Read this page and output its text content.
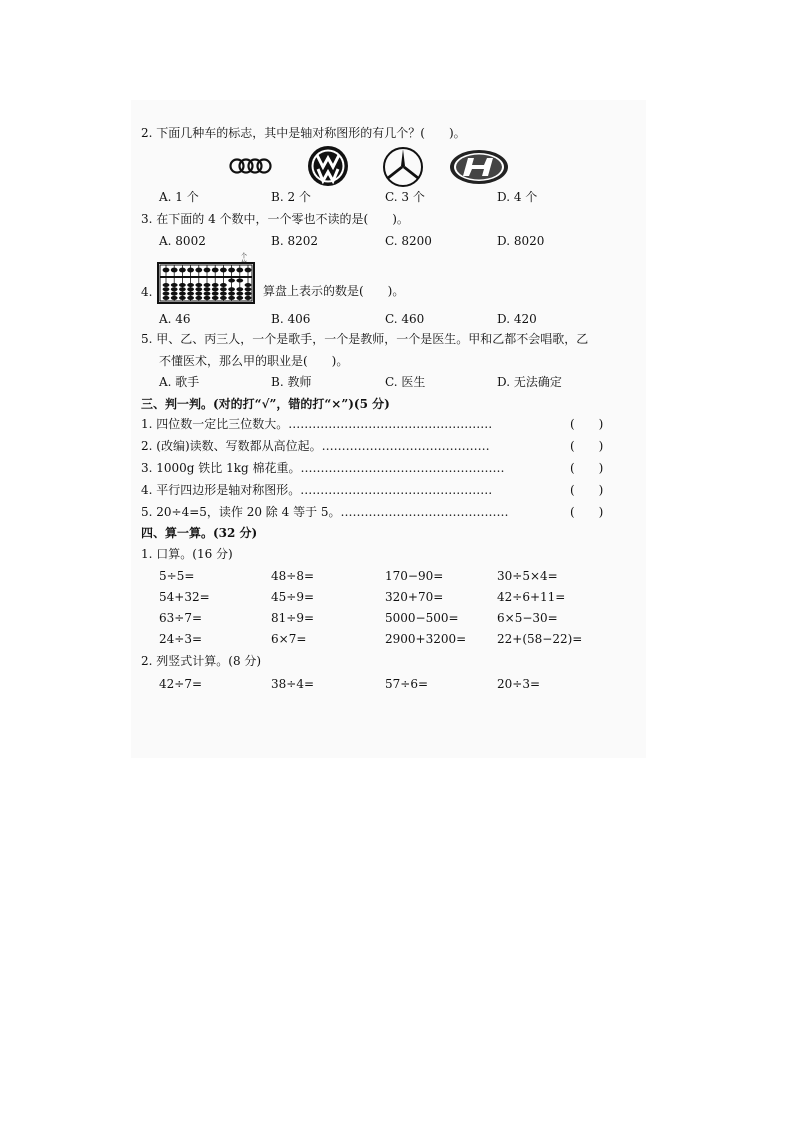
2. 下面几种车的标志，其中是轴对称图形的有几个？(　　)。
A. 1 个	B. 2 个	C. 3 个	D. 4 个
3. 在下面的 4 个数中，一个零也不读的是(　　)。
A. 8002	B. 8202	C. 8200	D. 8020
4.
个
算盘上表示的数是(　　)。
A. 46	B. 406	C. 460	D. 420
5. 甲、乙、丙三人，一个是歌手，一个是教师，一个是医生。甲和乙都不会唱歌，乙
不懂医术，那么甲的职业是(　　)。
A. 歌手	B. 教师	C. 医生	D. 无法确定
三、判一判。(对的打“√”，错的打“×”)(5 分)
1. 四位数一定比三位数大。……………………………………………	(　　)
2. (改编)读数、写数都从高位起。……………………………………	(　　)
3. 1000g 铁比 1kg 棉花重。……………………………………………	(　　)
4. 平行四边形是轴对称图形。…………………………………………	(　　)
5. 20÷4=5，读作 20 除 4 等于 5。……………………………………	(　　)
四、算一算。(32 分)
1. 口算。(16 分)
5÷5=	48÷8=	170−90=	30÷5×4=
54+32=	45÷9=	320+70=	42÷6+11=
63÷7=	81÷9=	5000−500=	6×5−30=
24÷3=	6×7=	2900+3200=	22+(58−22)=
2. 列竖式计算。(8 分)
42÷7=	38÷4=	57÷6=	20÷3=
